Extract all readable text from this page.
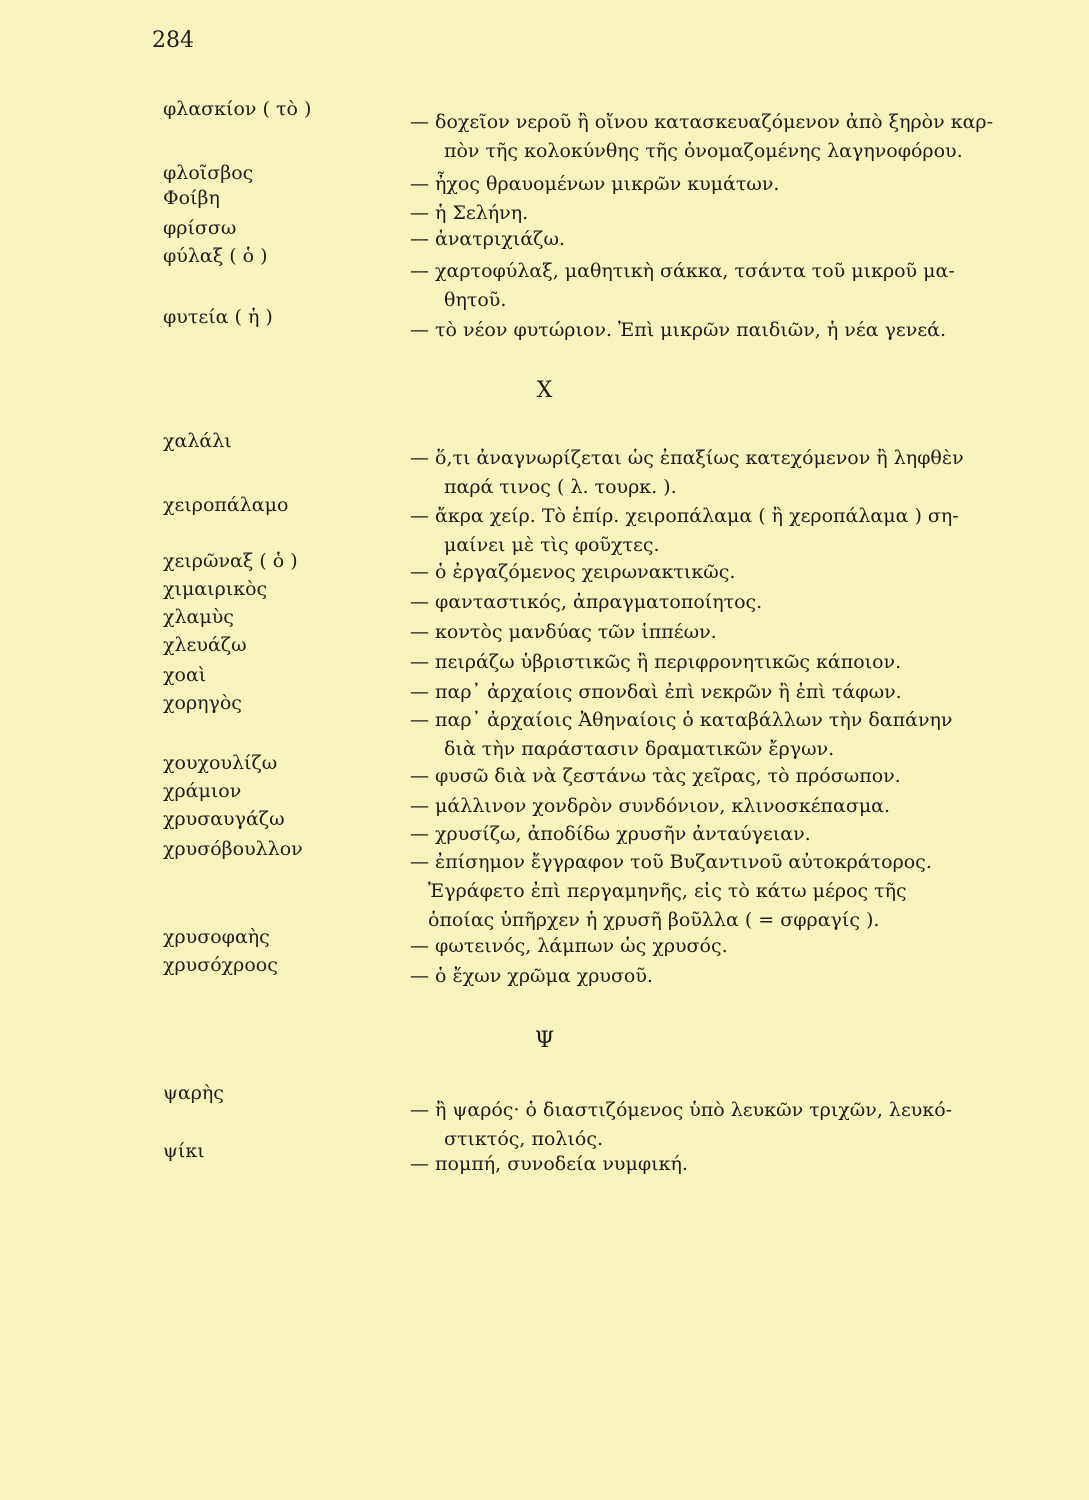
284
φλασκίον ( τὸ )
— δοχεῖον νεροῦ ἢ οἴνου κατασκευαζόμενον ἀπὸ ξηρὸν καρ-
πὸν τῆς κολοκύνθης τῆς ὀνομαζομένης λαγηνοφόρου.
φλοῖσβος	— ἦχος θραυομένων μικρῶν κυμάτων.
Φοίβη
— ἡ Σελήνη.
φρίσσω	— ἀνατριχιάζω.
φύλαξ ( ὁ )
— χαρτοφύλαξ, μαθητικὴ σάκκα, τσάντα τοῦ μικροῦ μα-
θητοῦ.
φυτεία ( ἡ )
— τὸ νέον φυτώριον. Ἐπὶ μικρῶν παιδιῶν, ἡ νέα γενεά.
X
χαλάλι
— ὅ,τι ἀναγνωρίζεται ὡς ἐπαξίως κατεχόμενον ἢ ληφθὲν
παρά τινος ( λ. τουρκ. ).
χειροπάλαμο	— ἄκρα χείρ. Τὸ ἑπίρ. χειροπάλαμα ( ἢ χεροπάλαμα ) ση-
μαίνει μὲ τὶς φοῦχτες.
χειρῶναξ ( ὁ )	— ὁ ἐργαζόμενος χειρωνακτικῶς.
χιμαιρικὸς
— φανταστικός, ἀπραγματοποίητος.
χλαμὺς
— κοντὸς μανδύας τῶν ἱππέων.
χλευάζω
— πειράζω ὑβριστικῶς ἢ περιφρονητικῶς κάποιον.
χοαὶ
— παρ᾽ ἀρχαίοις σπονδαὶ ἐπὶ νεκρῶν ἢ ἐπὶ τάφων.
χορηγὸς
— παρ᾽ ἀρχαίοις Ἀθηναίοις ὁ καταβάλλων τὴν δαπάνην
διὰ τὴν παράστασιν δραματικῶν ἔργων.
χουχουλίζω
— φυσῶ διὰ νὰ ζεστάνω τὰς χεῖρας, τὸ πρόσωπον.
χράμιον
— μάλλινον χονδρὸν συνδόνιον, κλινοσκέπασμα.
χρυσαυγάζω
— χρυσίζω, ἀποδίδω χρυσῆν ἀνταύγειαν.
χρυσόβουλλον
— ἐπίσημον ἔγγραφον τοῦ Βυζαντινοῦ αὐτοκράτορος.
Ἐγράφετο ἐπὶ περγαμηνῆς, εἰς τὸ κάτω μέρος τῆς
ὁποίας ὑπῆρχεν ἡ χρυσῆ βοῦλλα ( = σφραγίς ).
χρυσοφαὴς	— φωτεινός, λάμπων ὡς χρυσός.
χρυσόχροος	— ὁ ἔχων χρῶμα χρυσοῦ.
Ψ
ψαρὴς
— ἢ ψαρός· ὁ διαστιζόμενος ὑπὸ λευκῶν τριχῶν, λευκό-
στικτός, πολιός.
ψίκι
— πομπή, συνοδεία νυμφική.
